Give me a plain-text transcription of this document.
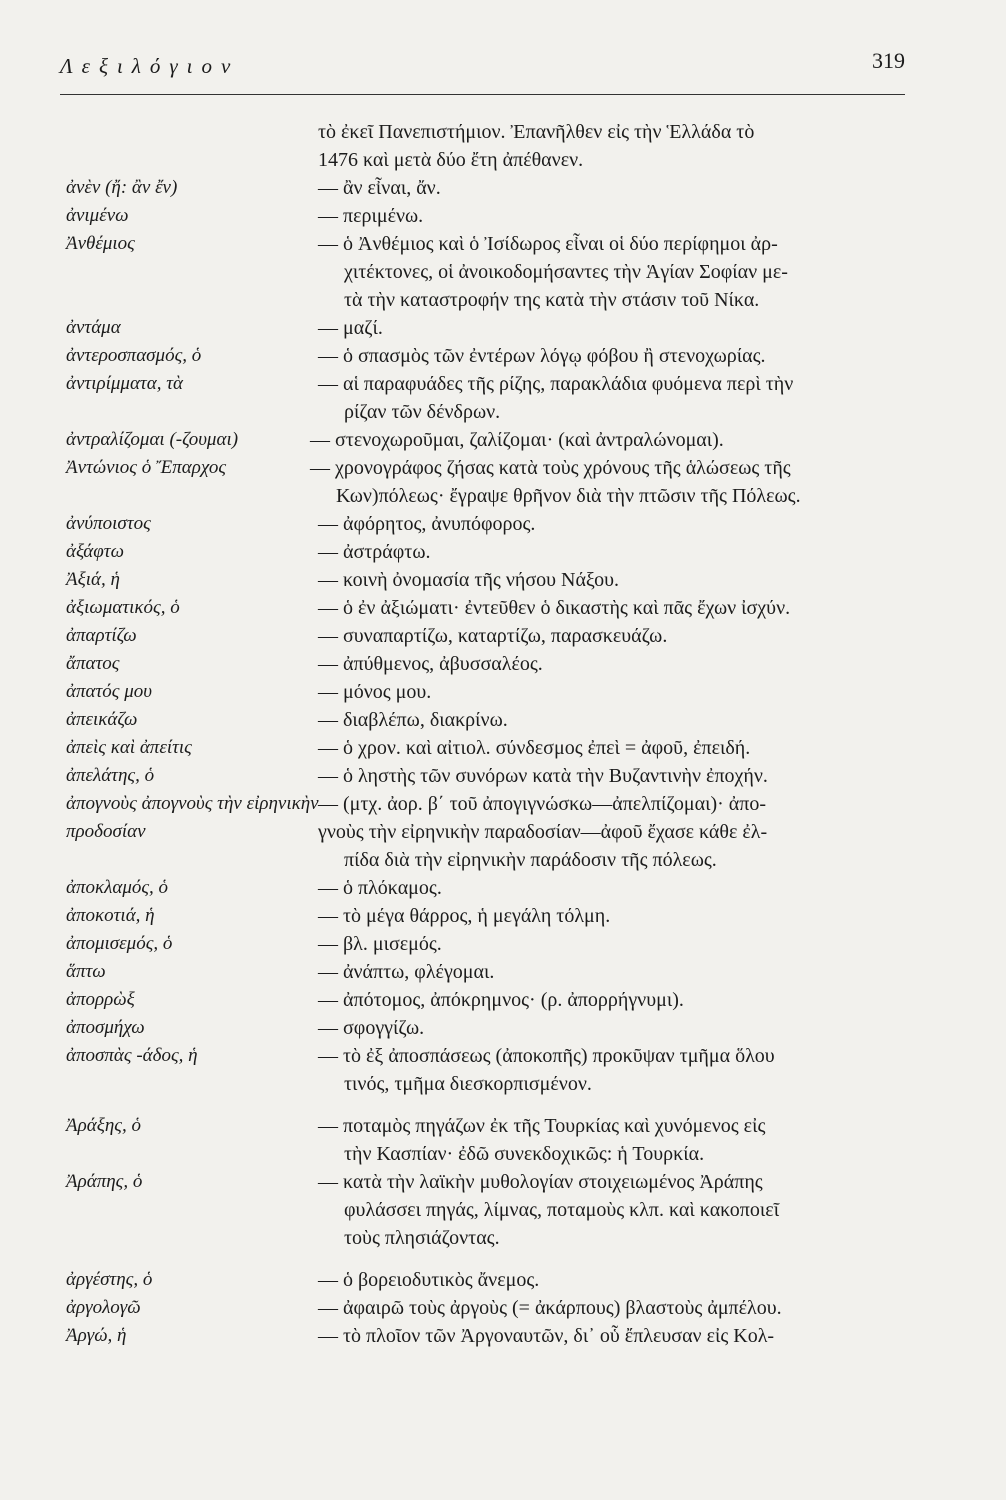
Λεξιλόγιον	319
τὸ ἐκεῖ Πανεπιστήμιον. Ἐπανῆλθεν εἰς τὴν Ἑλλάδα τὸ
1476 καὶ μετὰ δύο ἔτη ἀπέθανεν.
ἀνὲν (ἤ: ἂν ἔν)	— ἂν εἶναι, ἄν.
ἀνιμένω	— περιμένω.
Ἀνθέμιος	— ὁ Ἀνθέμιος καὶ ὁ Ἰσίδωρος εἶναι οἱ δύο περίφημοι ἀρ-
χιτέκτονες, οἱ ἀνοικοδομήσαντες τὴν Ἁγίαν Σοφίαν με-
τὰ τὴν καταστροφήν της κατὰ τὴν στάσιν τοῦ Νίκα.
ἀντάμα	— μαζί.
ἀντεροσπασμός, ὁ	— ὁ σπασμὸς τῶν ἐντέρων λόγῳ φόβου ἢ στενοχωρίας.
ἀντιρίμματα, τὰ	— αἱ παραφυάδες τῆς ρίζης, παρακλάδια φυόμενα περὶ τὴν
ρίζαν τῶν δένδρων.
ἀντραλίζομαι (-ζουμαι)	— στενοχωροῦμαι, ζαλίζομαι· (καὶ ἀντραλώνομαι).
Ἀντώνιος ὁ Ἔπαρχος	— χρονογράφος ζήσας κατὰ τοὺς χρόνους τῆς ἁλώσεως τῆς
Κων)πόλεως· ἔγραψε θρῆνον διὰ τὴν πτῶσιν τῆς Πόλεως.
ἀνύποιστος	— ἀφόρητος, ἀνυπόφορος.
ἀξάφτω	— ἀστράφτω.
Ἀξιά, ἡ	— κοινὴ ὀνομασία τῆς νήσου Νάξου.
ἀξιωματικός, ὁ	— ὁ ἐν ἀξιώματι· ἐντεῦθεν ὁ δικαστὴς καὶ πᾶς ἔχων ἰσχύν.
ἀπαρτίζω	— συναπαρτίζω, καταρτίζω, παρασκευάζω.
ἄπατος	— ἀπύθμενος, ἀβυσσαλέος.
ἀπατός μου	— μόνος μου.
ἀπεικάζω	— διαβλέπω, διακρίνω.
ἀπεὶς καὶ ἀπείτις	— ὁ χρον. καὶ αἰτιολ. σύνδεσμος ἐπεὶ = ἀφοῦ, ἐπειδή.
ἀπελάτης, ὁ	— ὁ ληστὴς τῶν συνόρων κατὰ τὴν Βυζαντινὴν ἐποχήν.
ἀπογνοὺς ἀπογνοὺς τὴν εἰρηνικὴν προδοσίαν
— (μτχ. ἀορ. β΄ τοῦ ἀπογιγνώσκω—ἀπελπίζομαι)· ἀπο-
γνοὺς τὴν εἰρηνικὴν παραδοσίαν—ἀφοῦ ἔχασε κάθε ἐλ-
πίδα διὰ τὴν εἰρηνικὴν παράδοσιν τῆς πόλεως.
ἀποκλαμός, ὁ	— ὁ πλόκαμος.
ἀποκοτιά, ἡ	— τὸ μέγα θάρρος, ἡ μεγάλη τόλμη.
ἀπομισεμός, ὁ	— βλ. μισεμός.
ἅπτω	— ἀνάπτω, φλέγομαι.
ἀπορρὼξ	— ἀπότομος, ἀπόκρημνος· (ρ. ἀπορρήγνυμι).
ἀποσμήχω	— σφογγίζω.
ἀποσπὰς -άδος, ἡ	— τὸ ἐξ ἀποσπάσεως (ἀποκοπῆς) προκῦψαν τμῆμα ὅλου
τινός, τμῆμα διεσκορπισμένον.
Ἀράξης, ὁ	— ποταμὸς πηγάζων ἐκ τῆς Τουρκίας καὶ χυνόμενος εἰς
τὴν Κασπίαν· ἐδῶ συνεκδοχικῶς: ἡ Τουρκία.
Ἀράπης, ὁ	— κατὰ τὴν λαϊκὴν μυθολογίαν στοιχειωμένος Ἀράπης
φυλάσσει πηγάς, λίμνας, ποταμοὺς κλπ. καὶ κακοποιεῖ
τοὺς πλησιάζοντας.
ἀργέστης, ὁ	— ὁ βορειοδυτικὸς ἄνεμος.
ἀργολογῶ	— ἀφαιρῶ τοὺς ἀργοὺς (= ἀκάρπους) βλαστοὺς ἀμπέλου.
Ἀργώ, ἡ	— τὸ πλοῖον τῶν Ἀργοναυτῶν, δι᾽ οὗ ἔπλευσαν εἰς Κολ-
